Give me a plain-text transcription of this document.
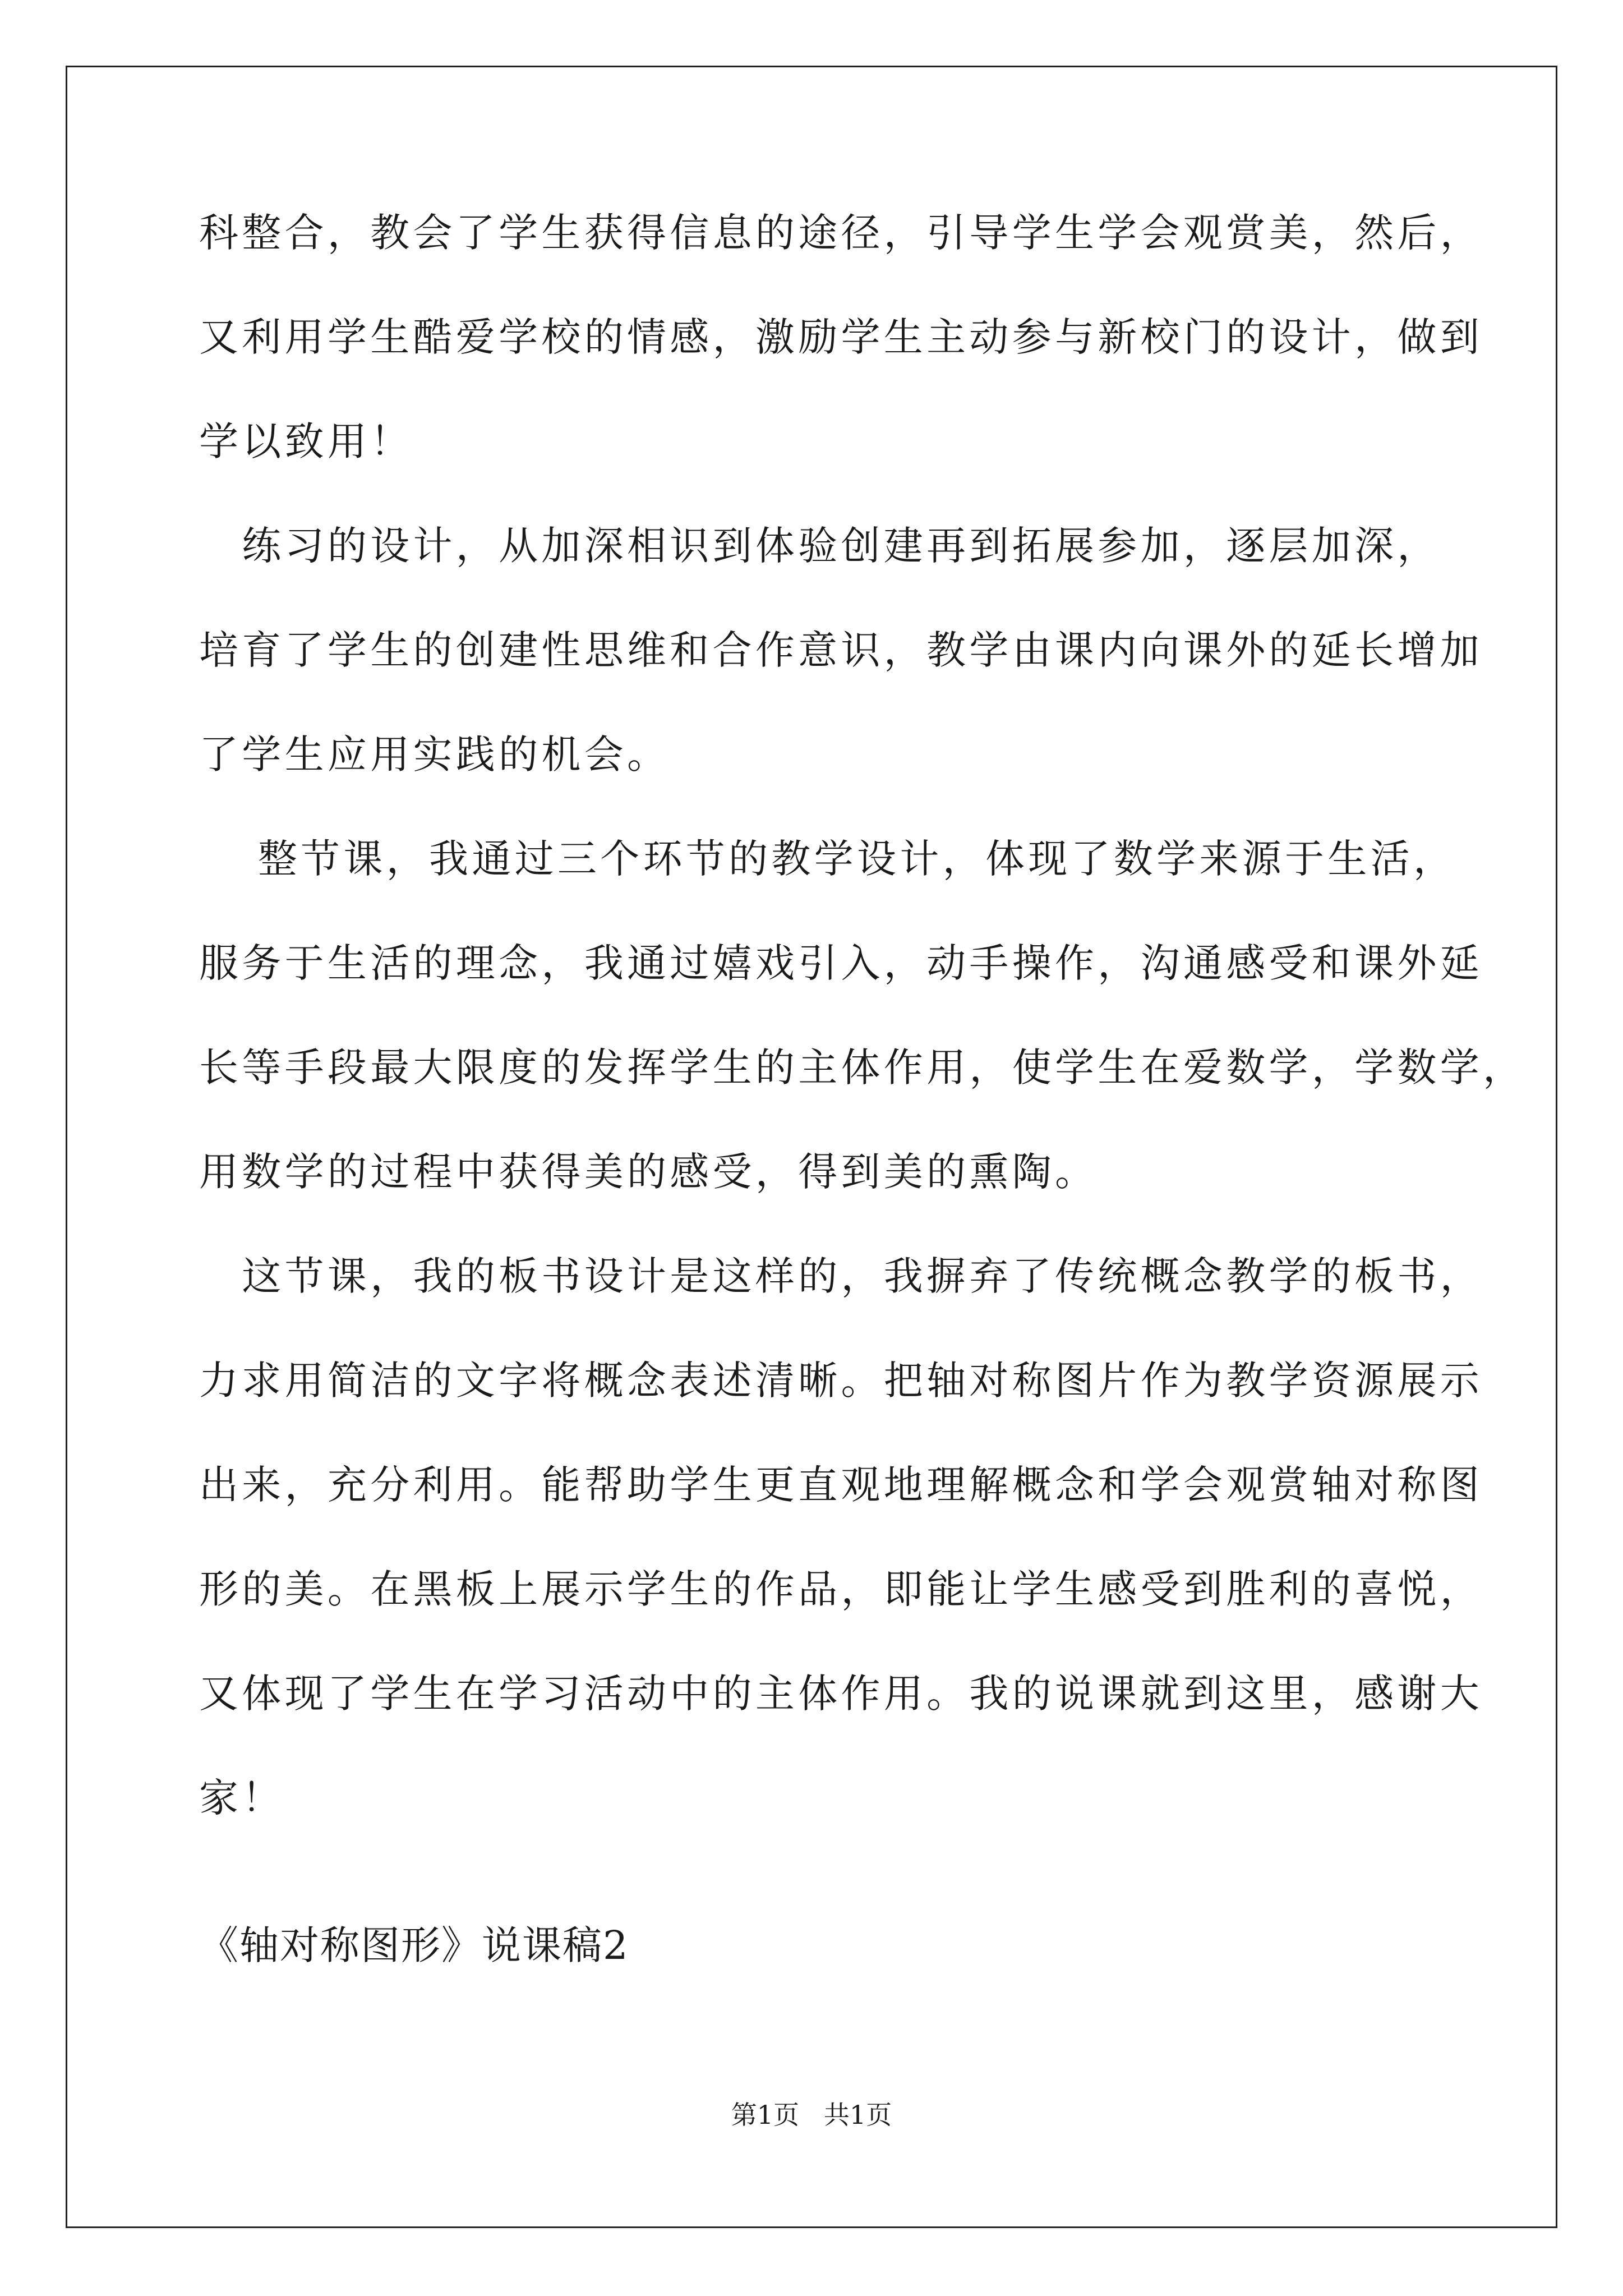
科整合，教会了学生获得信息的途径，引导学生学会观赏美，然后，
又利用学生酷爱学校的情感，激励学生主动参与新校门的设计，做到
学以致用！
　练习的设计，从加深相识到体验创建再到拓展参加，逐层加深，
培育了学生的创建性思维和合作意识，教学由课内向课外的延长增加
了学生应用实践的机会。
　 整节课，我通过三个环节的教学设计，体现了数学来源于生活，
服务于生活的理念，我通过嬉戏引入，动手操作，沟通感受和课外延
长等手段最大限度的发挥学生的主体作用，使学生在爱数学，学数学，
用数学的过程中获得美的感受，得到美的熏陶。
　这节课，我的板书设计是这样的，我摒弃了传统概念教学的板书，
力求用简洁的文字将概念表述清晰。把轴对称图片作为教学资源展示
出来，充分利用。能帮助学生更直观地理解概念和学会观赏轴对称图
形的美。在黑板上展示学生的作品，即能让学生感受到胜利的喜悦，
又体现了学生在学习活动中的主体作用。我的说课就到这里，感谢大
家！
《轴对称图形》说课稿2
第1页   共1页
